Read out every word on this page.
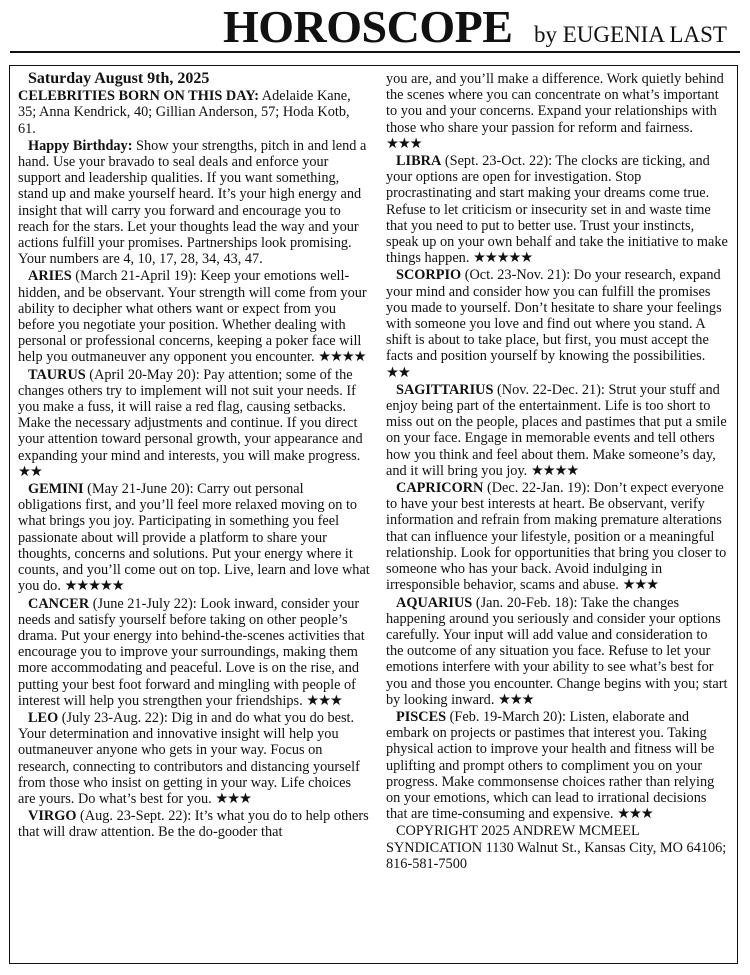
HOROSCOPE by EUGENIA LAST
Saturday August 9th, 2025

CELEBRITIES BORN ON THIS DAY: Adelaide Kane, 35; Anna Kendrick, 40; Gillian Anderson, 57; Hoda Kotb, 61.

Happy Birthday: Show your strengths, pitch in and lend a hand. Use your bravado to seal deals and enforce your support and leadership qualities. If you want something, stand up and make yourself heard. It’s your high energy and insight that will carry you forward and encourage you to reach for the stars. Let your thoughts lead the way and your actions fulfill your promises. Partnerships look promising. Your numbers are 4, 10, 17, 28, 34, 43, 47.

ARIES (March 21-April 19): Keep your emotions well-hidden, and be observant. Your strength will come from your ability to decipher what others want or expect from you before you negotiate your position. Whether dealing with personal or professional concerns, keeping a poker face will help you outmaneuver any opponent you encounter. ★★★★

TAURUS (April 20-May 20): Pay attention; some of the changes others try to implement will not suit your needs. If you make a fuss, it will raise a red flag, causing setbacks. Make the necessary adjustments and continue. If you direct your attention toward personal growth, your appearance and expanding your mind and interests, you will make progress. ★★

GEMINI (May 21-June 20): Carry out personal obligations first, and you’ll feel more relaxed moving on to what brings you joy. Participating in something you feel passionate about will provide a platform to share your thoughts, concerns and solutions. Put your energy where it counts, and you’ll come out on top. Live, learn and love what you do. ★★★★★

CANCER (June 21-July 22): Look inward, consider your needs and satisfy yourself before taking on other people’s drama. Put your energy into behind-the-scenes activities that encourage you to improve your surroundings, making them more accommodating and peaceful. Love is on the rise, and putting your best foot forward and mingling with people of interest will help you strengthen your friendships. ★★★

LEO (July 23-Aug. 22): Dig in and do what you do best. Your determination and innovative insight will help you outmaneuver anyone who gets in your way. Focus on research, connecting to contributors and distancing yourself from those who insist on getting in your way. Life choices are yours. Do what’s best for you. ★★★

VIRGO (Aug. 23-Sept. 22): It’s what you do to help others that will draw attention. Be the do-gooder that

you are, and you’ll make a difference. Work quietly behind the scenes where you can concentrate on what’s important to you and your concerns. Expand your relationships with those who share your passion for reform and fairness. ★★★

LIBRA (Sept. 23-Oct. 22): The clocks are ticking, and your options are open for investigation. Stop procrastinating and start making your dreams come true. Refuse to let criticism or insecurity set in and waste time that you need to put to better use. Trust your instincts, speak up on your own behalf and take the initiative to make things happen. ★★★★★

SCORPIO (Oct. 23-Nov. 21): Do your research, expand your mind and consider how you can fulfill the promises you made to yourself. Don’t hesitate to share your feelings with someone you love and find out where you stand. A shift is about to take place, but first, you must accept the facts and position yourself by knowing the possibilities. ★★

SAGITTARIUS (Nov. 22-Dec. 21): Strut your stuff and enjoy being part of the entertainment. Life is too short to miss out on the people, places and pastimes that put a smile on your face. Engage in memorable events and tell others how you think and feel about them. Make someone’s day, and it will bring you joy. ★★★★

CAPRICORN (Dec. 22-Jan. 19): Don’t expect everyone to have your best interests at heart. Be observant, verify information and refrain from making premature alterations that can influence your lifestyle, position or a meaningful relationship. Look for opportunities that bring you closer to someone who has your back. Avoid indulging in irresponsible behavior, scams and abuse. ★★★

AQUARIUS (Jan. 20-Feb. 18): Take the changes happening around you seriously and consider your options carefully. Your input will add value and consideration to the outcome of any situation you face. Refuse to let your emotions interfere with your ability to see what’s best for you and those you encounter. Change begins with you; start by looking inward. ★★★

PISCES (Feb. 19-March 20): Listen, elaborate and embark on projects or pastimes that interest you. Taking physical action to improve your health and fitness will be uplifting and prompt others to compliment you on your progress. Make commonsense choices rather than relying on your emotions, which can lead to irrational decisions that are time-consuming and expensive. ★★★

COPYRIGHT 2025 ANDREW MCMEEL SYNDICATION 1130 Walnut St., Kansas City, MO 64106; 816-581-7500
